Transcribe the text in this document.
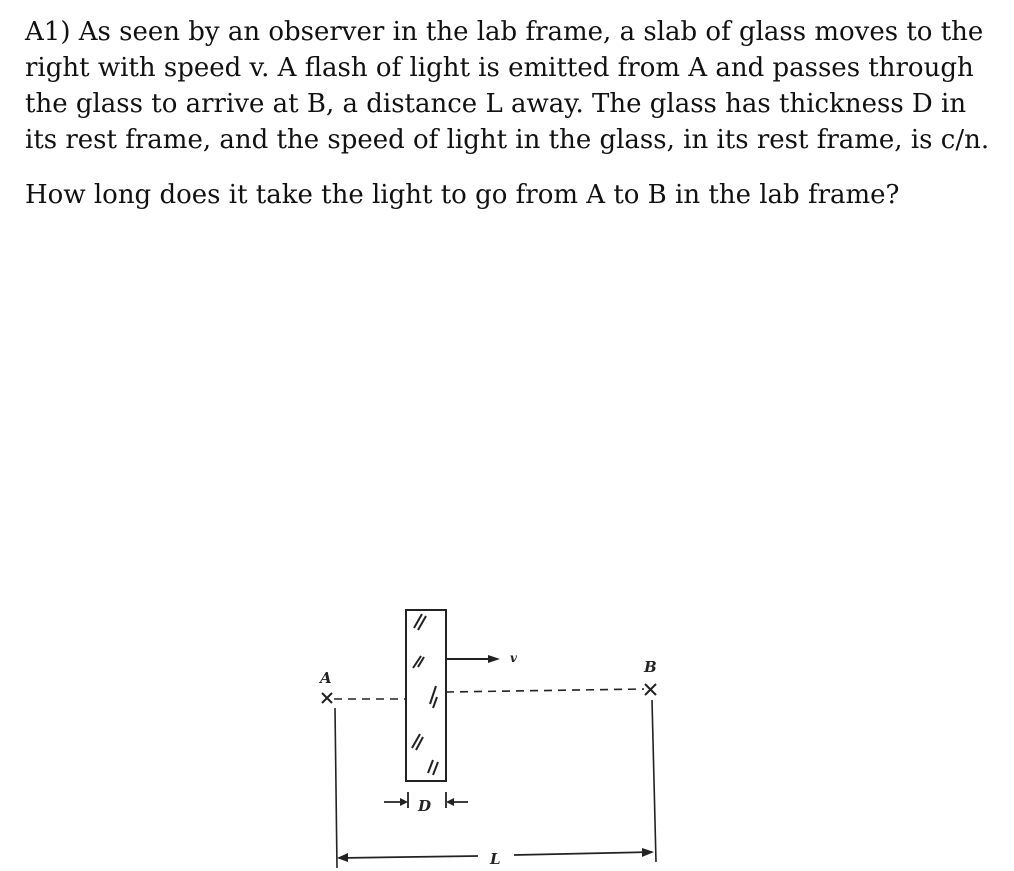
A1) As seen by an observer in the lab frame, a slab of glass moves to the
right with speed v. A flash of light is emitted from A and passes through
the glass to arrive at B, a distance L away. The glass has thickness D in
its rest frame, and the speed of light in the glass, in its rest frame, is c/n.
How long does it take the light to go from A to B in the lab frame?
A
B
v
D
L
